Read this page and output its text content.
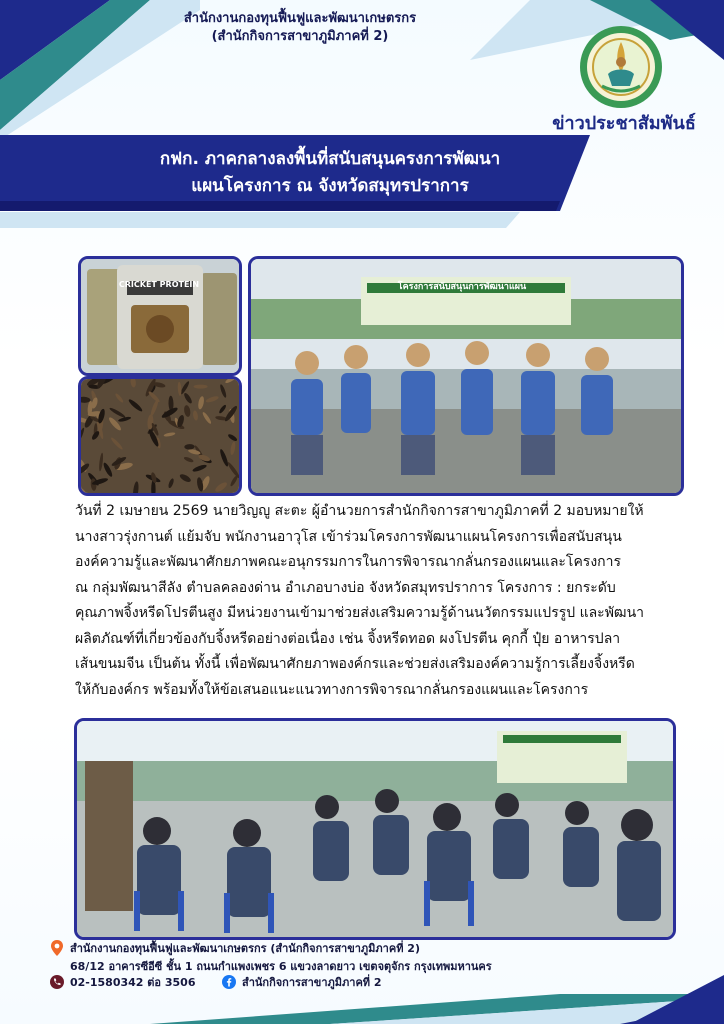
สำนักงานกองทุนฟื้นฟูและพัฒนาเกษตรกร
(สำนักกิจการสาขาภูมิภาคที่ 2)
ข่าวประชาสัมพันธ์
กฟก. ภาคกลางลงพื้นที่สนับสนุนครงการพัฒนา
แผนโครงการ ณ จังหวัดสมุทรปราการ
CRICKET PROTEIN	โครงการสนับสนุนการพัฒนาแผน
วันที่ 2 เมษายน 2569 นายวิญญู สะตะ ผู้อำนวยการสำนักกิจการสาขาภูมิภาคที่ 2 มอบหมายให้
นางสาวรุ่งกานต์ แย้มจับ พนักงานอาวุโส เข้าร่วมโครงการพัฒนาแผนโครงการเพื่อสนับสนุน
องค์ความรู้และพัฒนาศักยภาพคณะอนุกรรมการในการพิจารณากลั่นกรองแผนและโครงการ
ณ กลุ่มพัฒนาสีลัง ตำบลคลองด่าน อำเภอบางบ่อ จังหวัดสมุทรปราการ โครงการ : ยกระดับ
คุณภาพจิ้งหรีดโปรตีนสูง มีหน่วยงานเข้ามาช่วยส่งเสริมความรู้ด้านนวัตกรรมแปรรูป และพัฒนา
ผลิตภัณฑ์ที่เกี่ยวข้องกับจิ้งหรีดอย่างต่อเนื่อง เช่น จิ้งหรีดทอด ผงโปรตีน คุกกี้ ปุ๋ย อาหารปลา
เส้นขนมจีน เป็นต้น ทั้งนี้ เพื่อพัฒนาศักยภาพองค์กรและช่วยส่งเสริมองค์ความรู้การเลี้ยงจิ้งหรีด
ให้กับองค์กร พร้อมทั้งให้ข้อเสนอแนะแนวทางการพิจารณากลั่นกรองแผนและโครงการ
สำนักงานกองทุนฟื้นฟูและพัฒนาเกษตรกร (สำนักกิจการสาขาภูมิภาคที่ 2)
68/12 อาคารซีอีซี ชั้น 1 ถนนกำแพงเพชร 6 แขวงลาดยาว เขตจตุจักร กรุงเทพมหานคร
02-1580342 ต่อ 3506	สำนักกิจการสาขาภูมิภาคที่ 2
